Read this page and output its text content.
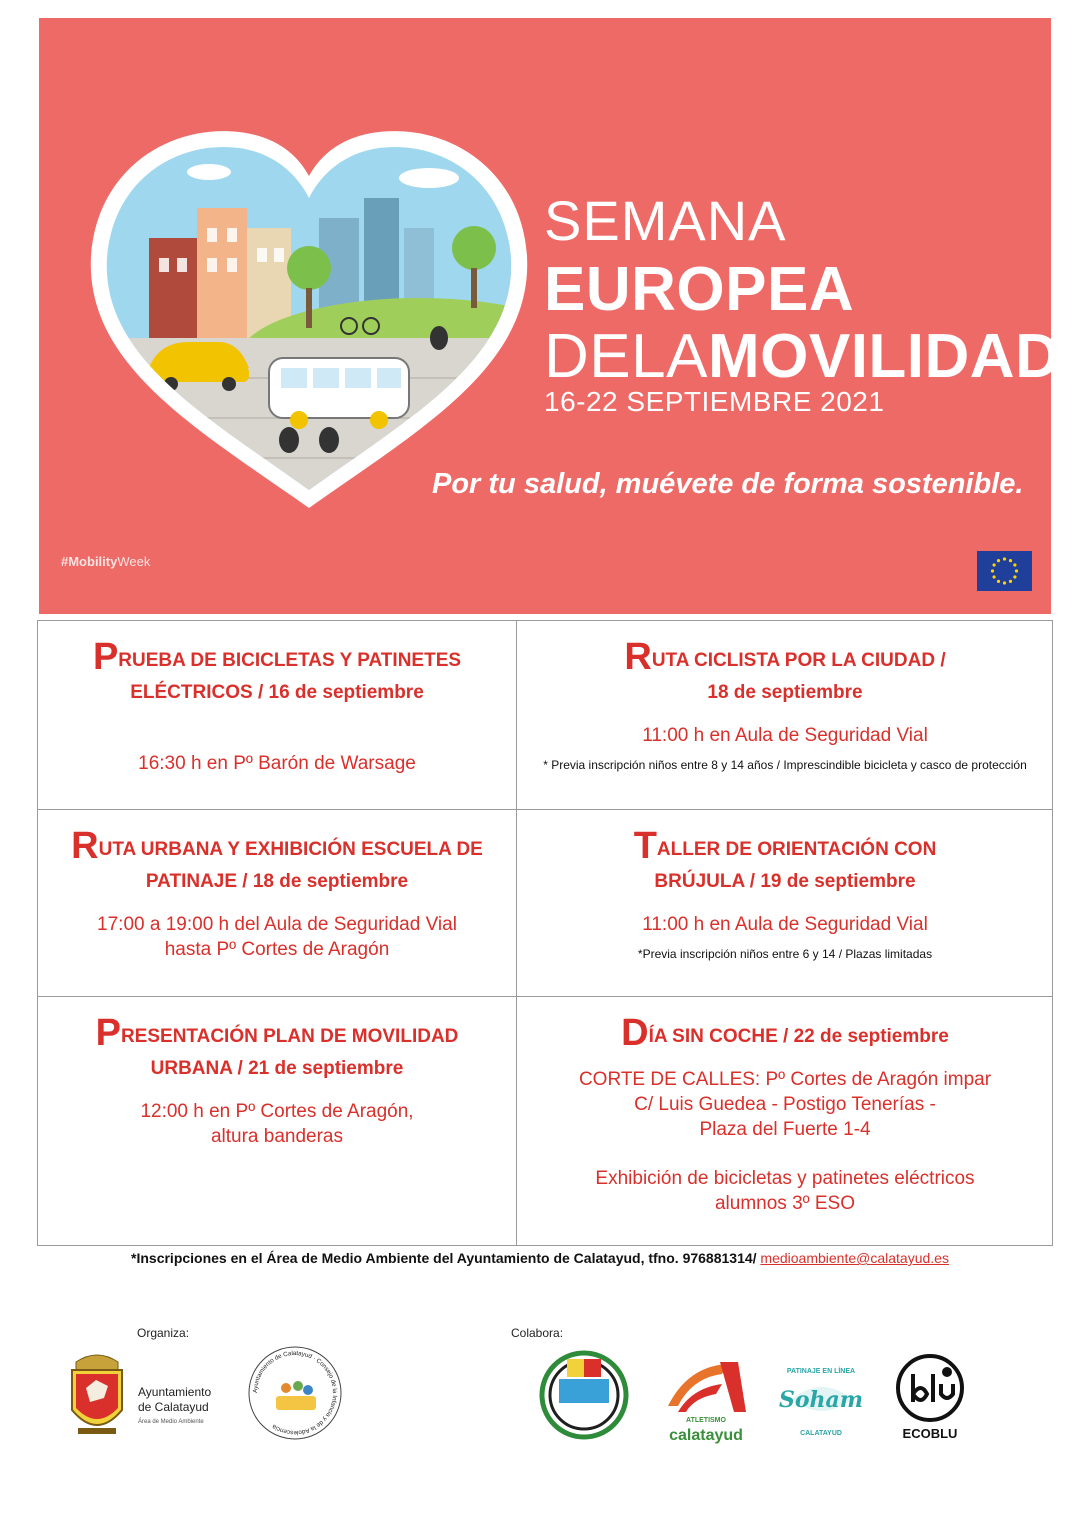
SEMANA
EUROPEA
DELAMOVILIDAD
16-22 SEPTIEMBRE 2021
Por tu salud, muévete de forma sostenible.
#MobilityWeek
PRUEBA DE BICICLETAS Y PATINETES
ELÉCTRICOS / 16 de septiembre
16:30 h en Pº Barón de Warsage
RUTA CICLISTA POR LA CIUDAD /
18 de septiembre
11:00 h en Aula de Seguridad Vial
* Previa inscripción niños entre 8 y 14 años / Imprescindible bicicleta y casco de protección
RUTA URBANA Y EXHIBICIÓN ESCUELA DE
PATINAJE / 18 de septiembre
17:00 a 19:00 h del Aula de Seguridad Vial
hasta Pº Cortes de Aragón
TALLER DE ORIENTACIÓN CON
BRÚJULA / 19 de septiembre
11:00 h en Aula de Seguridad Vial
*Previa inscripción niños entre 6 y 14 / Plazas limitadas
PRESENTACIÓN PLAN DE MOVILIDAD
URBANA / 21 de septiembre
12:00 h en Pº Cortes de Aragón,
altura banderas
DÍA SIN COCHE / 22 de septiembre
CORTE DE CALLES: Pº Cortes de Aragón impar
C/ Luis Guedea - Postigo Tenerías -
Plaza del Fuerte 1-4
Exhibición de bicicletas y patinetes eléctricos
alumnos 3º ESO
*Inscripciones en el Área de Medio Ambiente del Ayuntamiento de Calatayud, tfno. 976881314/ medioambiente@calatayud.es
Organiza:	Colabora:
Ayuntamiento
de Calatayud
Área de Medio Ambiente
Ayuntamiento de Calatayud · Consejo de la Infancia y de la Adolescencia
ATLETISMO
calatayud
PATINAJE EN LÍNEA
Soham
CALATAYUD	ECOBLU
